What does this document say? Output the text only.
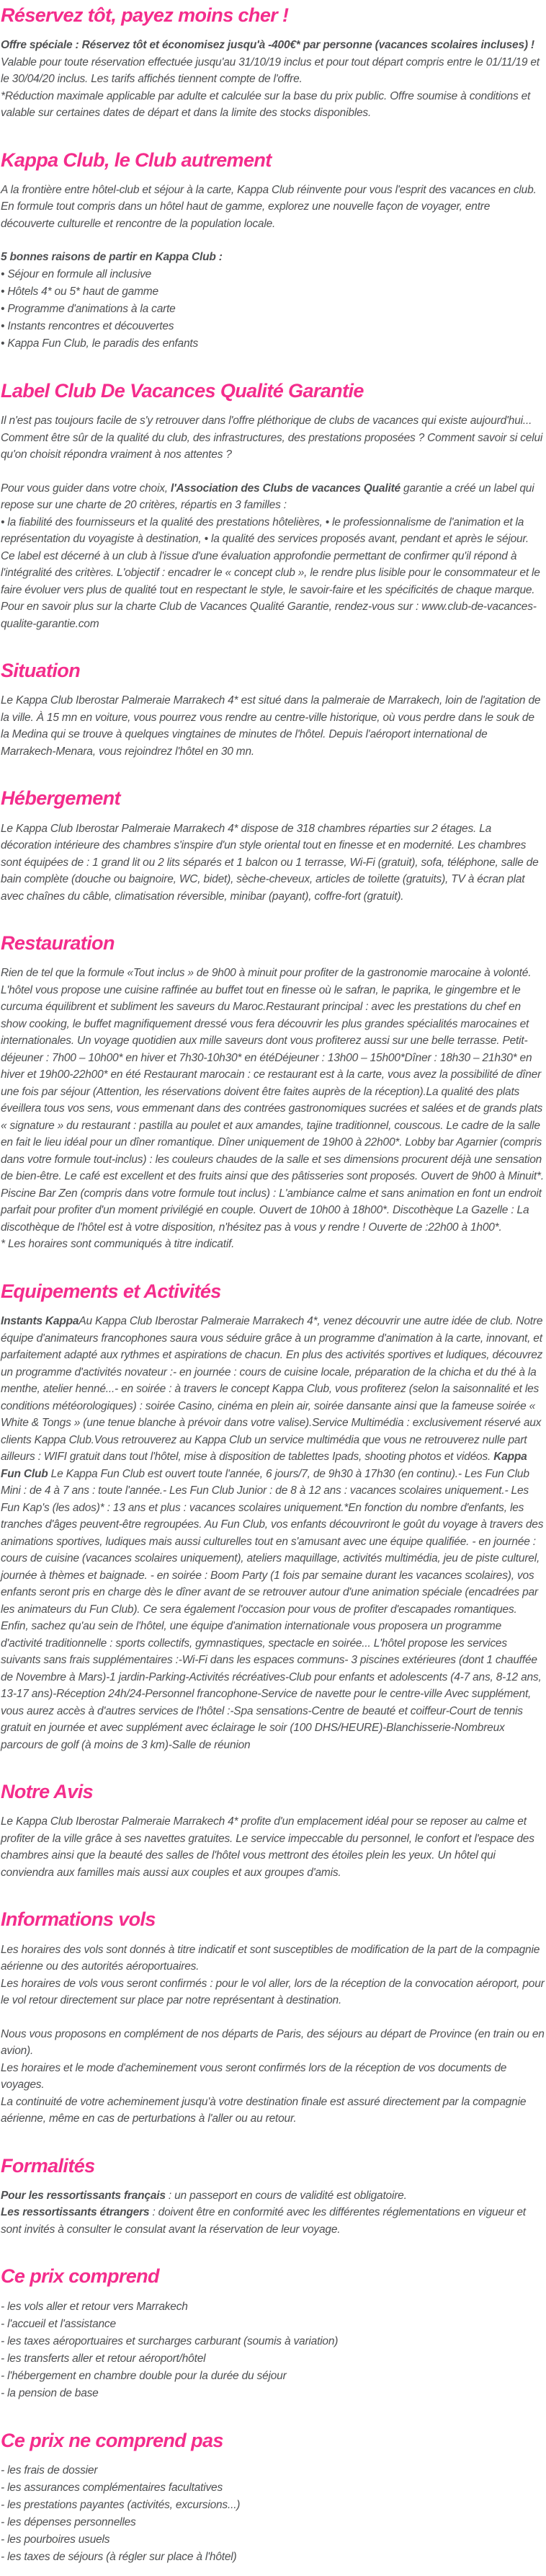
Réservez tôt, payez moins cher !

Offre spéciale : Réservez tôt et économisez jusqu'à -400€* par personne (vacances scolaires incluses) ! Valable pour toute réservation effectuée jusqu'au 31/10/19 inclus et pour tout départ compris entre le 01/11/19 et le 30/04/20 inclus. Les tarifs affichés tiennent compte de l'offre.

*Réduction maximale applicable par adulte et calculée sur la base du prix public. Offre soumise à conditions et valable sur certaines dates de départ et dans la limite des stocks disponibles.

Kappa Club, le Club autrement

A la frontière entre hôtel-club et séjour à la carte, Kappa Club réinvente pour vous l'esprit des vacances en club. En formule tout compris dans un hôtel haut de gamme, explorez une nouvelle façon de voyager, entre découverte culturelle et rencontre de la population locale.

5 bonnes raisons de partir en Kappa Club :

• Séjour en formule all inclusive
• Hôtels 4* ou 5* haut de gamme
• Programme d'animations à la carte
• Instants rencontres et découvertes
• Kappa Fun Club, le paradis des enfants
Label Club De Vacances Qualité Garantie

Il n'est pas toujours facile de s'y retrouver dans l'offre pléthorique de clubs de vacances qui existe aujourd'hui... Comment être sûr de la qualité du club, des infrastructures, des prestations proposées ? Comment savoir si celui qu'on choisit répondra vraiment à nos attentes ?

Pour vous guider dans votre choix, l'Association des Clubs de vacances Qualité garantie a créé un label qui repose sur une charte de 20 critères, répartis en 3 familles :

• la fiabilité des fournisseurs et la qualité des prestations hôtelières, • le professionnalisme de l'animation et la représentation du voyagiste à destination, • la qualité des services proposés avant, pendant et après le séjour.

Ce label est décerné à un club à l'issue d'une évaluation approfondie permettant de confirmer qu'il répond à l'intégralité des critères. L'objectif : encadrer le « concept club », le rendre plus lisible pour le consommateur et le faire évoluer vers plus de qualité tout en respectant le style, le savoir-faire et les spécificités de chaque marque.

Pour en savoir plus sur la charte Club de Vacances Qualité Garantie, rendez-vous sur : www.club-de-vacances-qualite-garantie.com

Situation

Le Kappa Club Iberostar Palmeraie Marrakech 4* est situé dans la palmeraie de Marrakech, loin de l'agitation de la ville. À 15 mn en voiture, vous pourrez vous rendre au centre-ville historique, où vous perdre dans le souk de la Medina qui se trouve à quelques vingtaines de minutes de l'hôtel. Depuis l'aéroport international de Marrakech-Menara, vous rejoindrez l'hôtel en 30 mn.

Hébergement

Le Kappa Club Iberostar Palmeraie Marrakech 4* dispose de 318 chambres réparties sur 2 étages. La décoration intérieure des chambres s'inspire d'un style oriental tout en finesse et en modernité. Les chambres sont équipées de : 1 grand lit ou 2 lits séparés et 1 balcon ou 1 terrasse, Wi-Fi (gratuit), sofa, téléphone, salle de bain complète (douche ou baignoire, WC, bidet), sèche-cheveux, articles de toilette (gratuits), TV à écran plat avec chaînes du câble, climatisation réversible, minibar (payant), coffre-fort (gratuit).

Restauration

Rien de tel que la formule «Tout inclus » de 9h00 à minuit pour profiter de la gastronomie marocaine à volonté. L'hôtel vous propose une cuisine raffinée au buffet tout en finesse où le safran, le paprika, le gingembre et le curcuma équilibrent et subliment les saveurs du Maroc.Restaurant principal : avec les prestations du chef en show cooking, le buffet magnifiquement dressé vous fera découvrir les plus grandes spécialités marocaines et internationales. Un voyage quotidien aux mille saveurs dont vous profiterez aussi sur une belle terrasse. Petit-déjeuner : 7h00 – 10h00* en hiver et 7h30-10h30* en étéDéjeuner : 13h00 – 15h00*Dîner : 18h30 – 21h30* en hiver et 19h00-22h00* en été Restaurant marocain : ce restaurant est à la carte, vous avez la possibilité de dîner une fois par séjour (Attention, les réservations doivent être faites auprès de la réception).La qualité des plats éveillera tous vos sens, vous emmenant dans des contrées gastronomiques sucrées et salées et de grands plats « signature » du restaurant : pastilla au poulet et aux amandes, tajine traditionnel, couscous. Le cadre de la salle en fait le lieu idéal pour un dîner romantique. Dîner uniquement de 19h00 à 22h00*. Lobby bar Agarnier (compris dans votre formule tout-inclus) : les couleurs chaudes de la salle et ses dimensions procurent déjà une sensation de bien-être. Le café est excellent et des fruits ainsi que des pâtisseries sont proposés. Ouvert de 9h00 à Minuit*. Piscine Bar Zen (compris dans votre formule tout inclus) : L'ambiance calme et sans animation en font un endroit parfait pour profiter d'un moment privilégié en couple. Ouvert de 10h00 à 18h00*. Discothèque La Gazelle : La discothèque de l'hôtel est à votre disposition, n'hésitez pas à vous y rendre ! Ouverte de :22h00 à 1h00*.

* Les horaires sont communiqués à titre indicatif.

Equipements et Activités

Instants KappaAu Kappa Club Iberostar Palmeraie Marrakech 4*, venez découvrir une autre idée de club. Notre équipe d'animateurs francophones saura vous séduire grâce à un programme d'animation à la carte, innovant, et parfaitement adapté aux rythmes et aspirations de chacun. En plus des activités sportives et ludiques, découvrez un programme d'activités novateur :- en journée : cours de cuisine locale, préparation de la chicha et du thé à la menthe, atelier henné...- en soirée : à travers le concept Kappa Club, vous profiterez (selon la saisonnalité et les conditions météorologiques) : soirée Casino, cinéma en plein air, soirée dansante ainsi que la fameuse soirée « White & Tongs » (une tenue blanche à prévoir dans votre valise).Service Multimédia : exclusivement réservé aux clients Kappa Club.Vous retrouverez au Kappa Club un service multimédia que vous ne retrouverez nulle part ailleurs : WIFI gratuit dans tout l'hôtel, mise à disposition de tablettes Ipads, shooting photos et vidéos. Kappa Fun Club Le Kappa Fun Club est ouvert toute l'année, 6 jours/7, de 9h30 à 17h30 (en continu).- Les Fun Club Mini : de 4 à 7 ans : toute l'année.- Les Fun Club Junior : de 8 à 12 ans : vacances scolaires uniquement.- Les Fun Kap's (les ados)* : 13 ans et plus : vacances scolaires uniquement.*En fonction du nombre d'enfants, les tranches d'âges peuvent-être regroupées. Au Fun Club, vos enfants découvriront le goût du voyage à travers des animations sportives, ludiques mais aussi culturelles tout en s'amusant avec une équipe qualifiée. - en journée : cours de cuisine (vacances scolaires uniquement), ateliers maquillage, activités multimédia, jeu de piste culturel, journée à thèmes et baignade. - en soirée : Boom Party (1 fois par semaine durant les vacances scolaires), vos enfants seront pris en charge dès le dîner avant de se retrouver autour d'une animation spéciale (encadrées par les animateurs du Fun Club). Ce sera également l'occasion pour vous de profiter d'escapades romantiques. Enfin, sachez qu'au sein de l'hôtel, une équipe d'animation internationale vous proposera un programme d'activité traditionnelle : sports collectifs, gymnastiques, spectacle en soirée... L'hôtel propose les services suivants sans frais supplémentaires :-Wi-Fi dans les espaces communs- 3 piscines extérieures (dont 1 chauffée de Novembre à Mars)-1 jardin-Parking-Activités récréatives-Club pour enfants et adolescents (4-7 ans, 8-12 ans, 13-17 ans)-Réception 24h/24-Personnel francophone-Service de navette pour le centre-ville Avec supplément, vous aurez accès à d'autres services de l'hôtel :-Spa sensations-Centre de beauté et coiffeur-Court de tennis gratuit en journée et avec supplément avec éclairage le soir (100 DHS/HEURE)-Blanchisserie-Nombreux parcours de golf (à moins de 3 km)-Salle de réunion

Notre Avis

Le Kappa Club Iberostar Palmeraie Marrakech 4* profite d'un emplacement idéal pour se reposer au calme et profiter de la ville grâce à ses navettes gratuites. Le service impeccable du personnel, le confort et l'espace des chambres ainsi que la beauté des salles de l'hôtel vous mettront des étoiles plein les yeux. Un hôtel qui conviendra aux familles mais aussi aux couples et aux groupes d'amis.

Informations vols

Les horaires des vols sont donnés à titre indicatif et sont susceptibles de modification de la part de la compagnie aérienne ou des autorités aéroportuaires.

Les horaires de vols vous seront confirmés : pour le vol aller, lors de la réception de la convocation aéroport, pour le vol retour directement sur place par notre représentant à destination.

Nous vous proposons en complément de nos départs de Paris, des séjours au départ de Province (en train ou en avion).

Les horaires et le mode d'acheminement vous seront confirmés lors de la réception de vos documents de voyages.

La continuité de votre acheminement jusqu'à votre destination finale est assuré directement par la compagnie aérienne, même en cas de perturbations à l'aller ou au retour.

Formalités

Pour les ressortissants français : un passeport en cours de validité est obligatoire.

Les ressortissants étrangers : doivent être en conformité avec les différentes réglementations en vigueur et sont invités à consulter le consulat avant la réservation de leur voyage.

Ce prix comprend
- les vols aller et retour vers Marrakech
- l'accueil et l'assistance
- les taxes aéroportuaires et surcharges carburant (soumis à variation)
- les transferts aller et retour aéroport/hôtel
- l'hébergement en chambre double pour la durée du séjour
- la pension de base
Ce prix ne comprend pas
- les frais de dossier
- les assurances complémentaires facultatives
- les prestations payantes (activités, excursions...)
- les dépenses personnelles
- les pourboires usuels
- les taxes de séjours (à régler sur place à l'hôtel)
